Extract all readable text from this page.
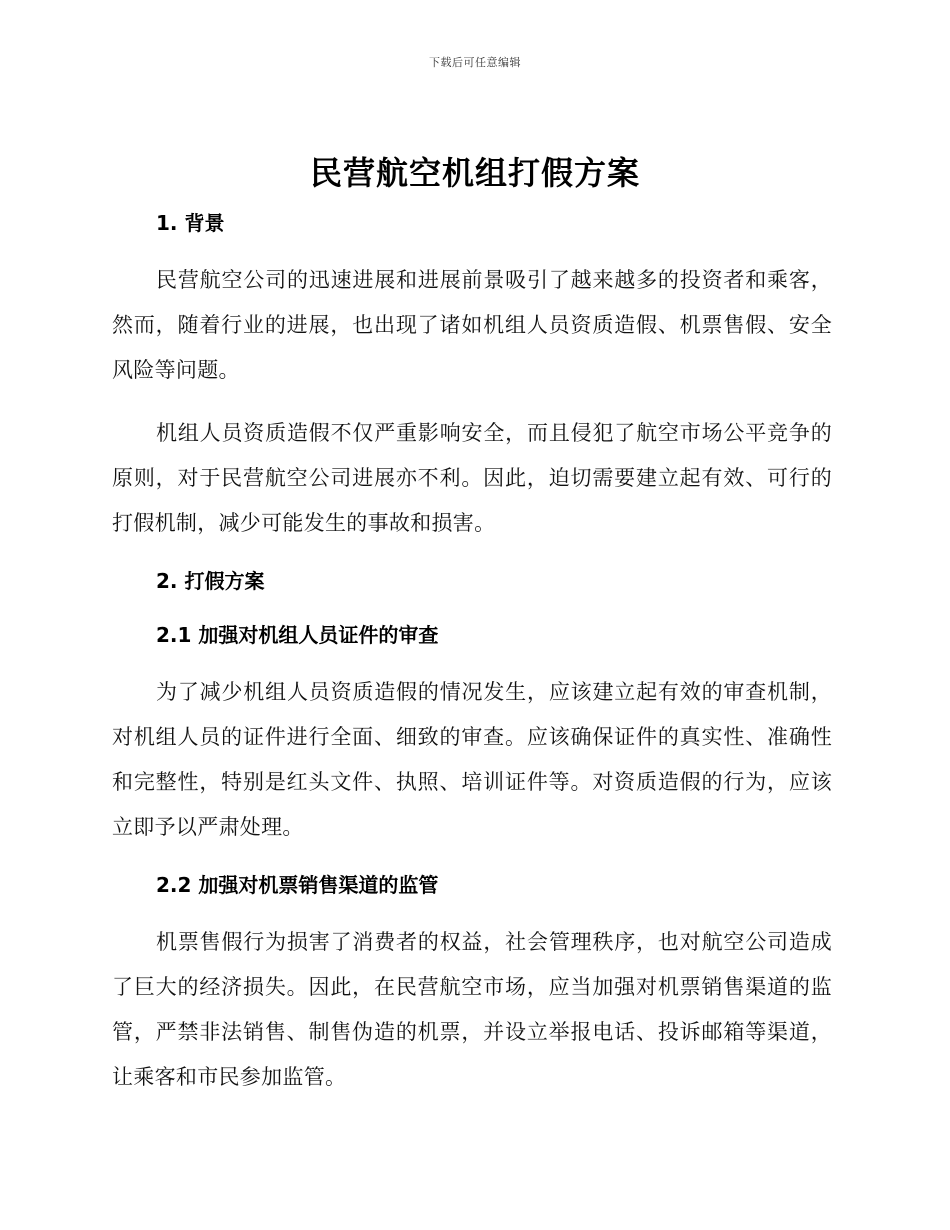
下载后可任意编辑
民营航空机组打假方案
1. 背景

民营航空公司的迅速进展和进展前景吸引了越来越多的投资者和乘客，然而，随着行业的进展，也出现了诸如机组人员资质造假、机票售假、安全风险等问题。

机组人员资质造假不仅严重影响安全，而且侵犯了航空市场公平竞争的原则，对于民营航空公司进展亦不利。因此，迫切需要建立起有效、可行的打假机制，减少可能发生的事故和损害。

2. 打假方案
2.1 加强对机组人员证件的审查

为了减少机组人员资质造假的情况发生，应该建立起有效的审查机制，对机组人员的证件进行全面、细致的审查。应该确保证件的真实性、准确性和完整性，特别是红头文件、执照、培训证件等。对资质造假的行为，应该立即予以严肃处理。

2.2 加强对机票销售渠道的监管

机票售假行为损害了消费者的权益，社会管理秩序，也对航空公司造成了巨大的经济损失。因此，在民营航空市场，应当加强对机票销售渠道的监管，严禁非法销售、制售伪造的机票，并设立举报电话、投诉邮箱等渠道，让乘客和市民参加监管。
